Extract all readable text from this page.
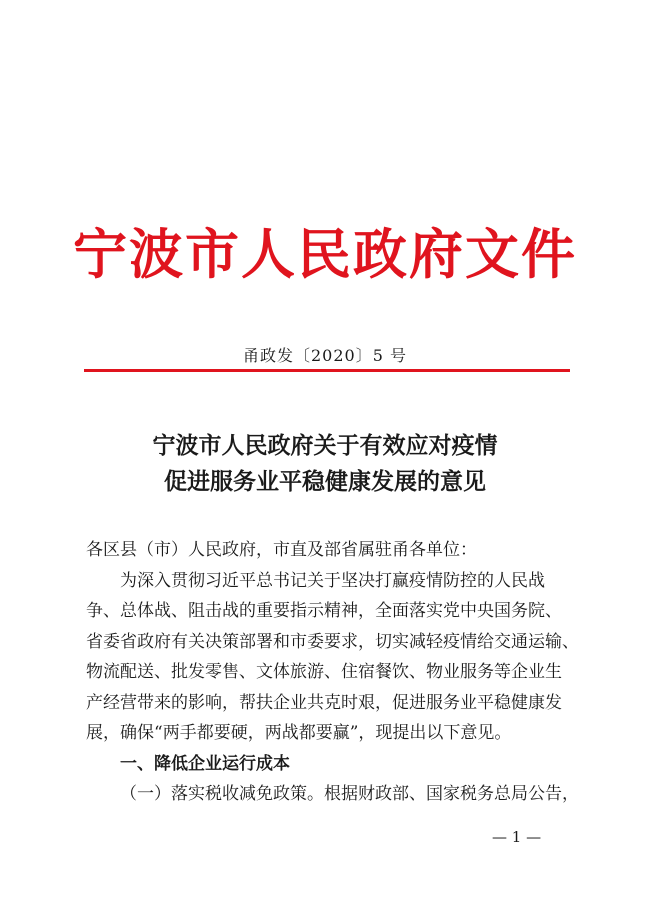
宁波市人民政府文件
甬政发〔2020〕5 号
宁波市人民政府关于有效应对疫情
促进服务业平稳健康发展的意见
各区县（市）人民政府，市直及部省属驻甬各单位：
为深入贯彻习近平总书记关于坚决打赢疫情防控的人民战
争、总体战、阻击战的重要指示精神，全面落实党中央国务院、
省委省政府有关决策部署和市委要求，切实减轻疫情给交通运输、
物流配送、批发零售、文体旅游、住宿餐饮、物业服务等企业生
产经营带来的影响，帮扶企业共克时艰，促进服务业平稳健康发
展，确保“两手都要硬，两战都要赢”，现提出以下意见。
一、降低企业运行成本
（一）落实税收减免政策。根据财政部、国家税务总局公告，
— 1 —
